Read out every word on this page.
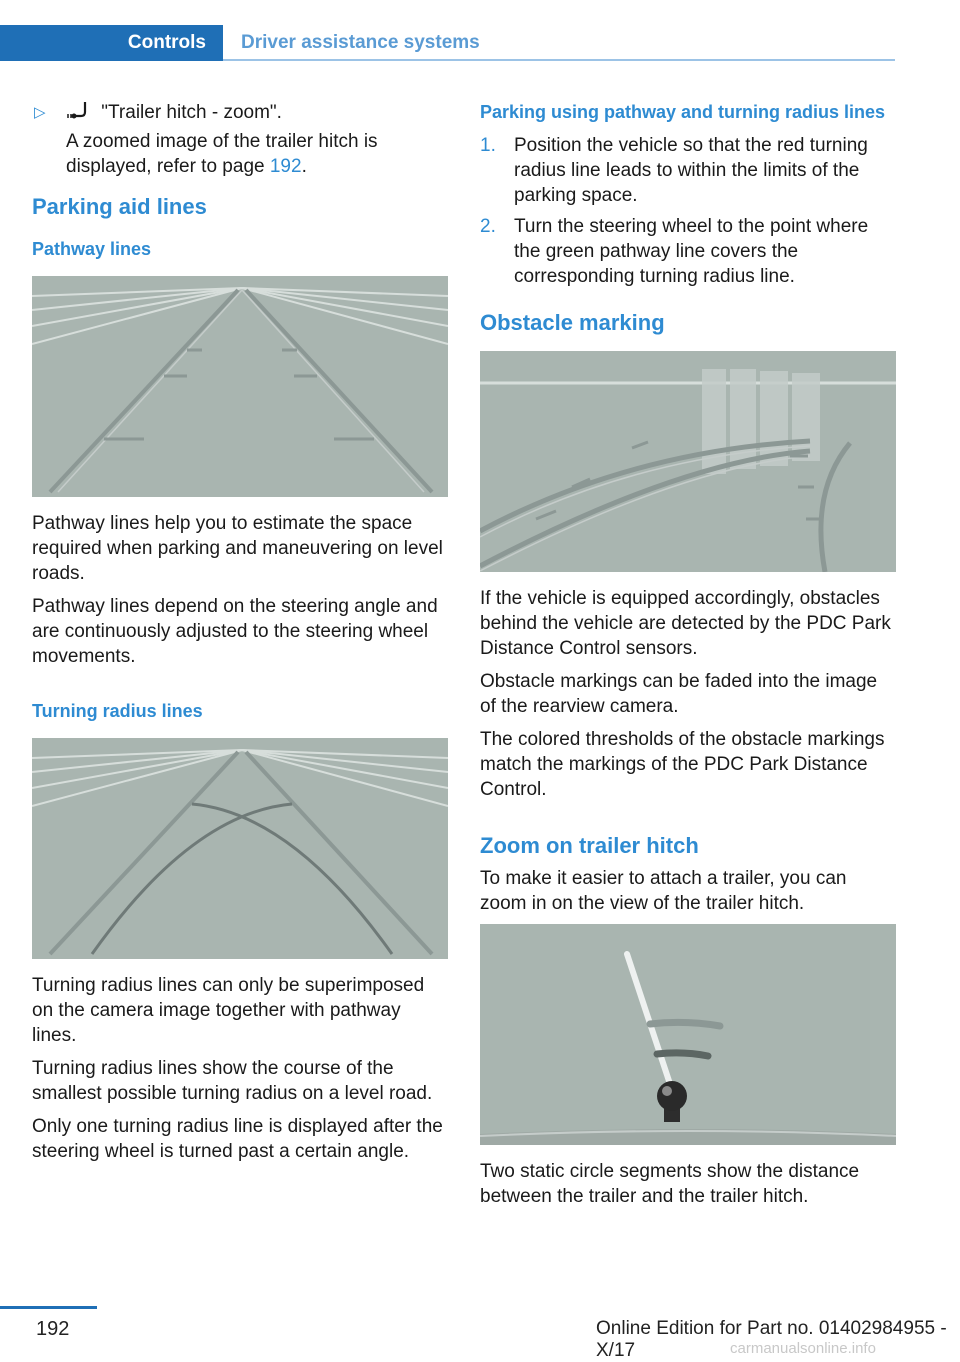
Controls	Driver assistance systems
▷	"Trailer hitch - zoom".

A zoomed image of the trailer hitch is displayed, refer to page 192.

Parking aid lines
Pathway lines

Pathway lines help you to estimate the space required when parking and maneuvering on level roads.

Pathway lines depend on the steering angle and are continuously adjusted to the steering wheel movements.

Turning radius lines

Turning radius lines can only be superimposed on the camera image together with pathway lines.

Turning radius lines show the course of the smallest possible turning radius on a level road.

Only one turning radius line is displayed after the steering wheel is turned past a certain angle.

Parking using pathway and turning radius lines
1. Position the vehicle so that the red turning radius line leads to within the limits of the parking space.

2. Turn the steering wheel to the point where the green pathway line covers the corresponding turning radius line.

Obstacle marking

If the vehicle is equipped accordingly, obstacles behind the vehicle are detected by the PDC Park Distance Control sensors.

Obstacle markings can be faded into the image of the rearview camera.

The colored thresholds of the obstacle markings match the markings of the PDC Park Distance Control.

Zoom on trailer hitch

To make it easier to attach a trailer, you can zoom in on the view of the trailer hitch.

Two static circle segments show the distance between the trailer and the trailer hitch.

192	Online Edition for Part no. 01402984955 - X/17	carmanualsonline.info
